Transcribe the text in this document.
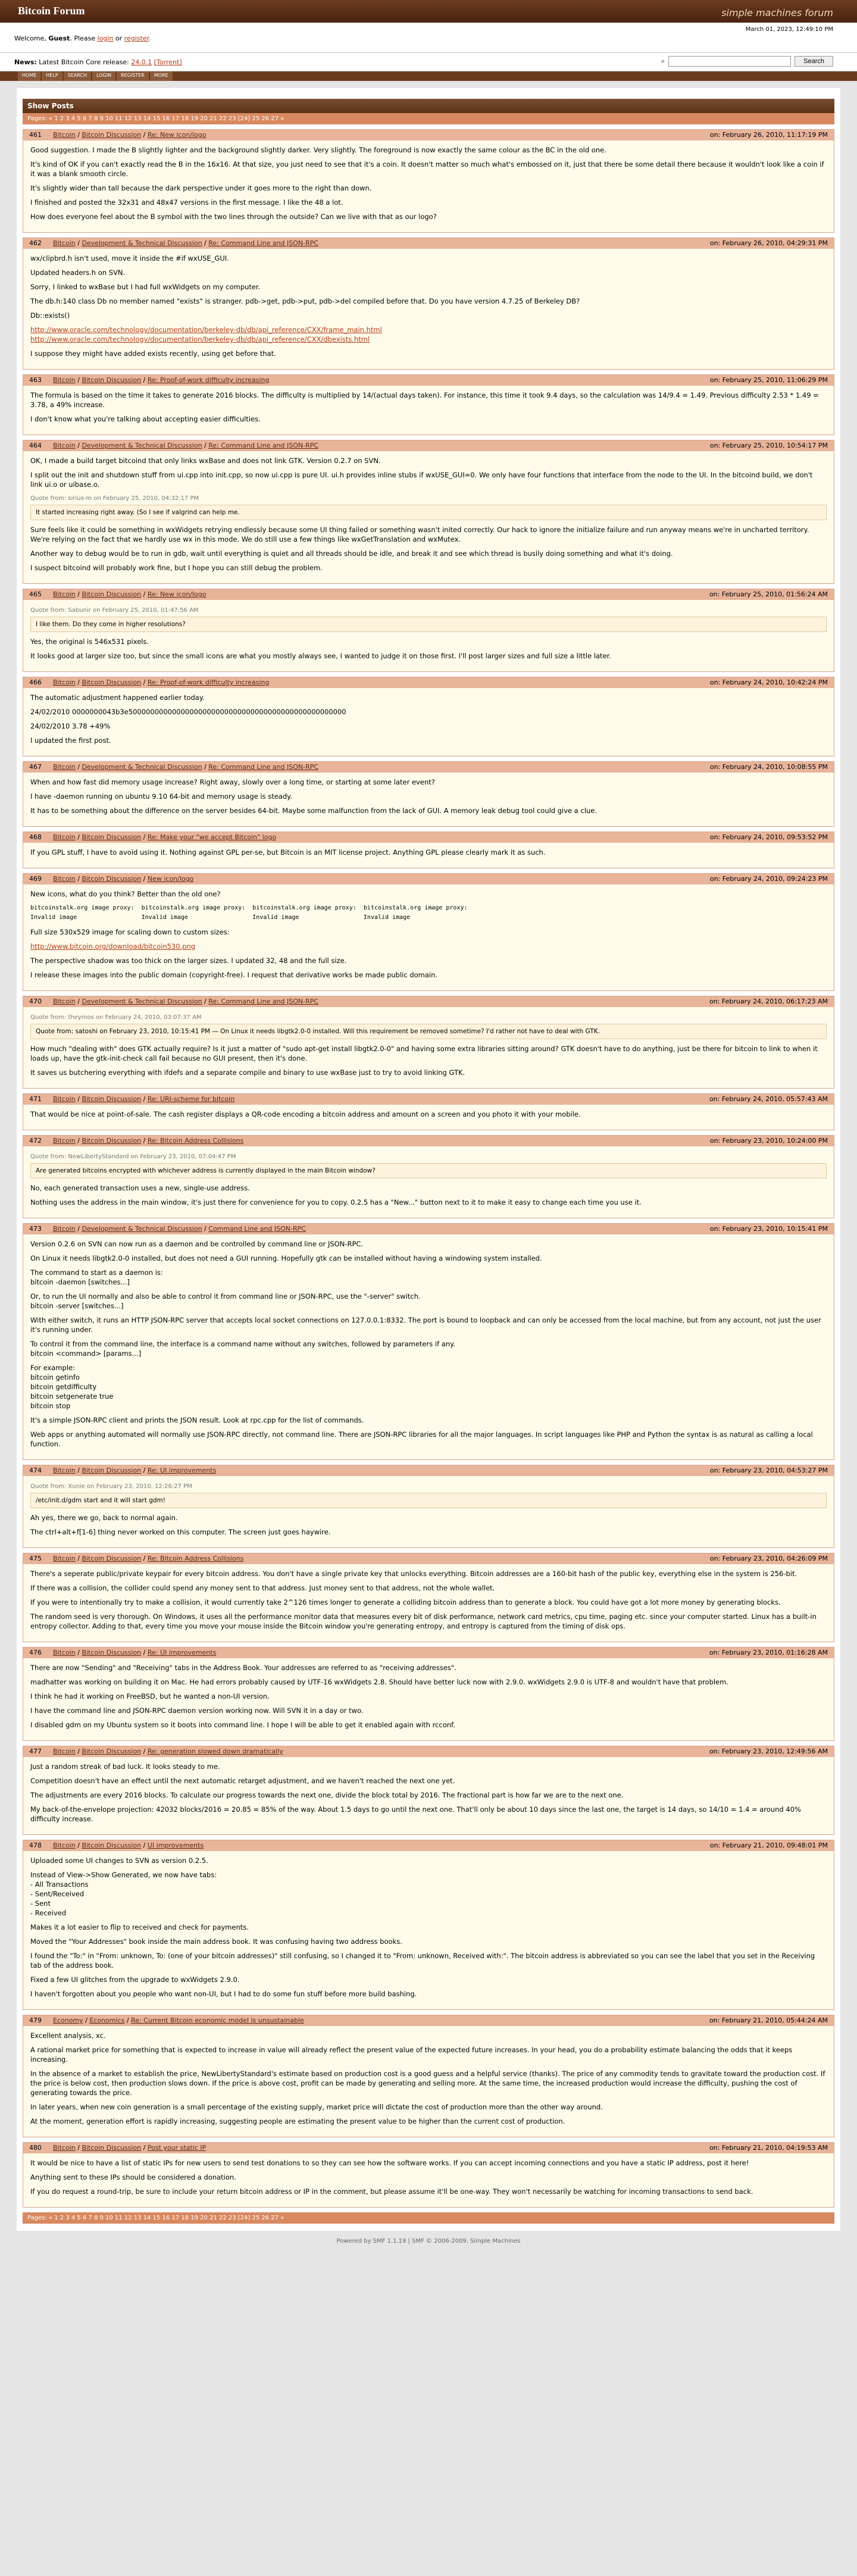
Bitcoin Forum	simple machines forum
March 01, 2023, 12:49:10 PM
Welcome, Guest. Please login or register.
News: Latest Bitcoin Core release: 24.0.1 [Torrent]	⌕	Search
HOME	HELP	SEARCH	LOGIN	REGISTER	MORE
Show Posts
Pages: « 1 2 3 4 5 6 7 8 9 10 11 12 13 14 15 16 17 18 19 20 21 22 23 [24] 25 26 27 »
461 Bitcoin / Bitcoin Discussion / Re: New icon/logo	on: February 26, 2010, 11:17:19 PM

Good suggestion. I made the B slightly lighter and the background slightly darker. Very slightly. The foreground is now exactly the same colour as the BC in the old one.

It's kind of OK if you can't exactly read the B in the 16x16. At that size, you just need to see that it's a coin. It doesn't matter so much what's embossed on it, just that there be some detail there because it wouldn't look like a coin if it was a blank smooth circle.

It's slightly wider than tall because the dark perspective under it goes more to the right than down.

I finished and posted the 32x31 and 48x47 versions in the first message. I like the 48 a lot.

How does everyone feel about the B symbol with the two lines through the outside? Can we live with that as our logo?

462 Bitcoin / Development & Technical Discussion / Re: Command Line and JSON-RPC	on: February 26, 2010, 04:29:31 PM

wx/clipbrd.h isn't used, move it inside the #if wxUSE_GUI.

Updated headers.h on SVN.

Sorry, I linked to wxBase but I had full wxWidgets on my computer.

The db.h:140 class Db no member named "exists" is stranger. pdb->get, pdb->put, pdb->del compiled before that. Do you have version 4.7.25 of Berkeley DB?

Db::exists()

http://www.oracle.com/technology/documentation/berkeley-db/db/api_reference/CXX/frame_main.html
http://www.oracle.com/technology/documentation/berkeley-db/db/api_reference/CXX/dbexists.html

I suppose they might have added exists recently, using get before that.

463 Bitcoin / Bitcoin Discussion / Re: Proof-of-work difficulty increasing	on: February 25, 2010, 11:06:29 PM

The formula is based on the time it takes to generate 2016 blocks. The difficulty is multiplied by 14/(actual days taken). For instance, this time it took 9.4 days, so the calculation was 14/9.4 = 1.49. Previous difficulty 2.53 * 1.49 = 3.78, a 49% increase.

I don't know what you're talking about accepting easier difficulties.

464 Bitcoin / Development & Technical Discussion / Re: Command Line and JSON-RPC	on: February 25, 2010, 10:54:17 PM

OK, I made a build target bitcoind that only links wxBase and does not link GTK. Version 0.2.7 on SVN.

I split out the init and shutdown stuff from ui.cpp into init.cpp, so now ui.cpp is pure UI. ui.h provides inline stubs if wxUSE_GUI=0. We only have four functions that interface from the node to the UI. In the bitcoind build, we don't link ui.o or uibase.o.

Quote from: sirius-m on February 25, 2010, 04:32:17 PM
It started increasing right away. (So I see if valgrind can help me.

Sure feels like it could be something in wxWidgets retrying endlessly because some UI thing failed or something wasn't inited correctly. Our hack to ignore the initialize failure and run anyway means we're in uncharted territory. We're relying on the fact that we hardly use wx in this mode. We do still use a few things like wxGetTranslation and wxMutex.

Another way to debug would be to run in gdb, wait until everything is quiet and all threads should be idle, and break it and see which thread is busily doing something and what it's doing.

I suspect bitcoind will probably work fine, but I hope you can still debug the problem.

465 Bitcoin / Bitcoin Discussion / Re: New icon/logo	on: February 25, 2010, 01:56:24 AM
Quote from: Sabunir on February 25, 2010, 01:47:56 AM
I like them. Do they come in higher resolutions?

Yes, the original is 546x531 pixels.

It looks good at larger size too, but since the small icons are what you mostly always see, I wanted to judge it on those first. I'll post larger sizes and full size a little later.

466 Bitcoin / Bitcoin Discussion / Re: Proof-of-work difficulty increasing	on: February 24, 2010, 10:42:24 PM

The automatic adjustment happened earlier today.

24/02/2010 0000000043b3e50000000000000000000000000000000000000000000000000

24/02/2010 3.78 +49%

I updated the first post.

467 Bitcoin / Development & Technical Discussion / Re: Command Line and JSON-RPC	on: February 24, 2010, 10:08:55 PM

When and how fast did memory usage increase? Right away, slowly over a long time, or starting at some later event?

I have -daemon running on ubuntu 9.10 64-bit and memory usage is steady.

It has to be something about the difference on the server besides 64-bit. Maybe some malfunction from the lack of GUI. A memory leak debug tool could give a clue.

468 Bitcoin / Bitcoin Discussion / Re: Make your "we accept Bitcoin" logo	on: February 24, 2010, 09:53:52 PM

If you GPL stuff, I have to avoid using it. Nothing against GPL per-se, but Bitcoin is an MIT license project. Anything GPL please clearly mark it as such.

469 Bitcoin / Bitcoin Discussion / New icon/logo	on: February 24, 2010, 09:24:23 PM

New icons, what do you think? Better than the old one?

bitcoinstalk.org image proxy:  bitcoinstalk.org image proxy:  bitcoinstalk.org image proxy:  bitcoinstalk.org image proxy:
Invalid image                  Invalid image                  Invalid image                  Invalid image

Full size 530x529 image for scaling down to custom sizes:

http://www.bitcoin.org/download/bitcoin530.png

The perspective shadow was too thick on the larger sizes. I updated 32, 48 and the full size.

I release these images into the public domain (copyright-free). I request that derivative works be made public domain.

470 Bitcoin / Development & Technical Discussion / Re: Command Line and JSON-RPC	on: February 24, 2010, 06:17:23 AM
Quote from: theymos on February 24, 2010, 03:07:37 AM
Quote from: satoshi on February 23, 2010, 10:15:41 PM — On Linux it needs libgtk2.0-0 installed. Will this requirement be removed sometime? I'd rather not have to deal with GTK.

How much "dealing with" does GTK actually require? Is it just a matter of "sudo apt-get install libgtk2.0-0" and having some extra libraries sitting around? GTK doesn't have to do anything, just be there for bitcoin to link to when it loads up, have the gtk-init-check call fail because no GUI present, then it's done.

It saves us butchering everything with ifdefs and a separate compile and binary to use wxBase just to try to avoid linking GTK.

471 Bitcoin / Bitcoin Discussion / Re: URI-scheme for bitcoin	on: February 24, 2010, 05:57:43 AM

That would be nice at point-of-sale. The cash register displays a QR-code encoding a bitcoin address and amount on a screen and you photo it with your mobile.

472 Bitcoin / Bitcoin Discussion / Re: Bitcoin Address Collisions	on: February 23, 2010, 10:24:00 PM
Quote from: NewLibertyStandard on February 23, 2010, 07:04:47 PM
Are generated bitcoins encrypted with whichever address is currently displayed in the main Bitcoin window?

No, each generated transaction uses a new, single-use address.

Nothing uses the address in the main window, it's just there for convenience for you to copy. 0.2.5 has a "New..." button next to it to make it easy to change each time you use it.

473 Bitcoin / Development & Technical Discussion / Command Line and JSON-RPC	on: February 23, 2010, 10:15:41 PM

Version 0.2.6 on SVN can now run as a daemon and be controlled by command line or JSON-RPC.

On Linux it needs libgtk2.0-0 installed, but does not need a GUI running. Hopefully gtk can be installed without having a windowing system installed.

The command to start as a daemon is:
bitcoin -daemon [switches...]

Or, to run the UI normally and also be able to control it from command line or JSON-RPC, use the "-server" switch.
bitcoin -server [switches...]

With either switch, it runs an HTTP JSON-RPC server that accepts local socket connections on 127.0.0.1:8332. The port is bound to loopback and can only be accessed from the local machine, but from any account, not just the user it's running under.

To control it from the command line, the interface is a command name without any switches, followed by parameters if any.
bitcoin <command> [params...]

For example:
bitcoin getinfo
bitcoin getdifficulty
bitcoin setgenerate true
bitcoin stop

It's a simple JSON-RPC client and prints the JSON result. Look at rpc.cpp for the list of commands.

Web apps or anything automated will normally use JSON-RPC directly, not command line. There are JSON-RPC libraries for all the major languages. In script languages like PHP and Python the syntax is as natural as calling a local function.

474 Bitcoin / Bitcoin Discussion / Re: UI improvements	on: February 23, 2010, 04:53:27 PM
Quote from: Xunie on February 23, 2010, 12:26:27 PM
/etc/init.d/gdm start and it will start gdm!

Ah yes, there we go, back to normal again.

The ctrl+alt+f[1-6] thing never worked on this computer. The screen just goes haywire.

475 Bitcoin / Bitcoin Discussion / Re: Bitcoin Address Collisions	on: February 23, 2010, 04:26:09 PM

There's a seperate public/private keypair for every bitcoin address. You don't have a single private key that unlocks everything. Bitcoin addresses are a 160-bit hash of the public key, everything else in the system is 256-bit.

If there was a collision, the collider could spend any money sent to that address. Just money sent to that address, not the whole wallet.

If you were to intentionally try to make a collision, it would currently take 2^126 times longer to generate a colliding bitcoin address than to generate a block. You could have got a lot more money by generating blocks.

The random seed is very thorough. On Windows, it uses all the performance monitor data that measures every bit of disk performance, network card metrics, cpu time, paging etc. since your computer started. Linux has a built-in entropy collector. Adding to that, every time you move your mouse inside the Bitcoin window you're generating entropy, and entropy is captured from the timing of disk ops.

476 Bitcoin / Bitcoin Discussion / Re: UI improvements	on: February 23, 2010, 01:16:28 AM

There are now "Sending" and "Receiving" tabs in the Address Book. Your addresses are referred to as "receiving addresses".

madhatter was working on building it on Mac. He had errors probably caused by UTF-16 wxWidgets 2.8. Should have better luck now with 2.9.0. wxWidgets 2.9.0 is UTF-8 and wouldn't have that problem.

I think he had it working on FreeBSD, but he wanted a non-UI version.

I have the command line and JSON-RPC daemon version working now. Will SVN it in a day or two.

I disabled gdm on my Ubuntu system so it boots into command line. I hope I will be able to get it enabled again with rcconf.

477 Bitcoin / Bitcoin Discussion / Re: generation slowed down dramatically	on: February 23, 2010, 12:49:56 AM

Just a random streak of bad luck. It looks steady to me.

Competition doesn't have an effect until the next automatic retarget adjustment, and we haven't reached the next one yet.

The adjustments are every 2016 blocks. To calculate our progress towards the next one, divide the block total by 2016. The fractional part is how far we are to the next one.

My back-of-the-envelope projection: 42032 blocks/2016 = 20.85 = 85% of the way. About 1.5 days to go until the next one. That'll only be about 10 days since the last one, the target is 14 days, so 14/10 = 1.4 = around 40% difficulty increase.

478 Bitcoin / Bitcoin Discussion / UI improvements	on: February 21, 2010, 09:48:01 PM

Uploaded some UI changes to SVN as version 0.2.5.

Instead of View->Show Generated, we now have tabs:
- All Transactions
- Sent/Received
- Sent
- Received

Makes it a lot easier to flip to received and check for payments.

Moved the "Your Addresses" book inside the main address book. It was confusing having two address books.

I found the "To:" in "From: unknown, To: (one of your bitcoin addresses)" still confusing, so I changed it to "From: unknown, Received with:". The bitcoin address is abbreviated so you can see the label that you set in the Receiving tab of the address book.

Fixed a few UI glitches from the upgrade to wxWidgets 2.9.0.

I haven't forgotten about you people who want non-UI, but I had to do some fun stuff before more build bashing.

479 Economy / Economics / Re: Current Bitcoin economic model is unsustainable	on: February 21, 2010, 05:44:24 AM

Excellent analysis, xc.

A rational market price for something that is expected to increase in value will already reflect the present value of the expected future increases. In your head, you do a probability estimate balancing the odds that it keeps increasing.

In the absence of a market to establish the price, NewLibertyStandard's estimate based on production cost is a good guess and a helpful service (thanks). The price of any commodity tends to gravitate toward the production cost. If the price is below cost, then production slows down. If the price is above cost, profit can be made by generating and selling more. At the same time, the increased production would increase the difficulty, pushing the cost of generating towards the price.

In later years, when new coin generation is a small percentage of the existing supply, market price will dictate the cost of production more than the other way around.

At the moment, generation effort is rapidly increasing, suggesting people are estimating the present value to be higher than the current cost of production.

480 Bitcoin / Bitcoin Discussion / Post your static IP	on: February 21, 2010, 04:19:53 AM

It would be nice to have a list of static IPs for new users to send test donations to so they can see how the software works. If you can accept incoming connections and you have a static IP address, post it here!

Anything sent to these IPs should be considered a donation.

If you do request a round-trip, be sure to include your return bitcoin address or IP in the comment, but please assume it'll be one-way. They won't necessarily be watching for incoming transactions to send back.

Pages: « 1 2 3 4 5 6 7 8 9 10 11 12 13 14 15 16 17 18 19 20 21 22 23 [24] 25 26 27 »
Powered by SMF 1.1.19 | SMF © 2006-2009, Simple Machines
